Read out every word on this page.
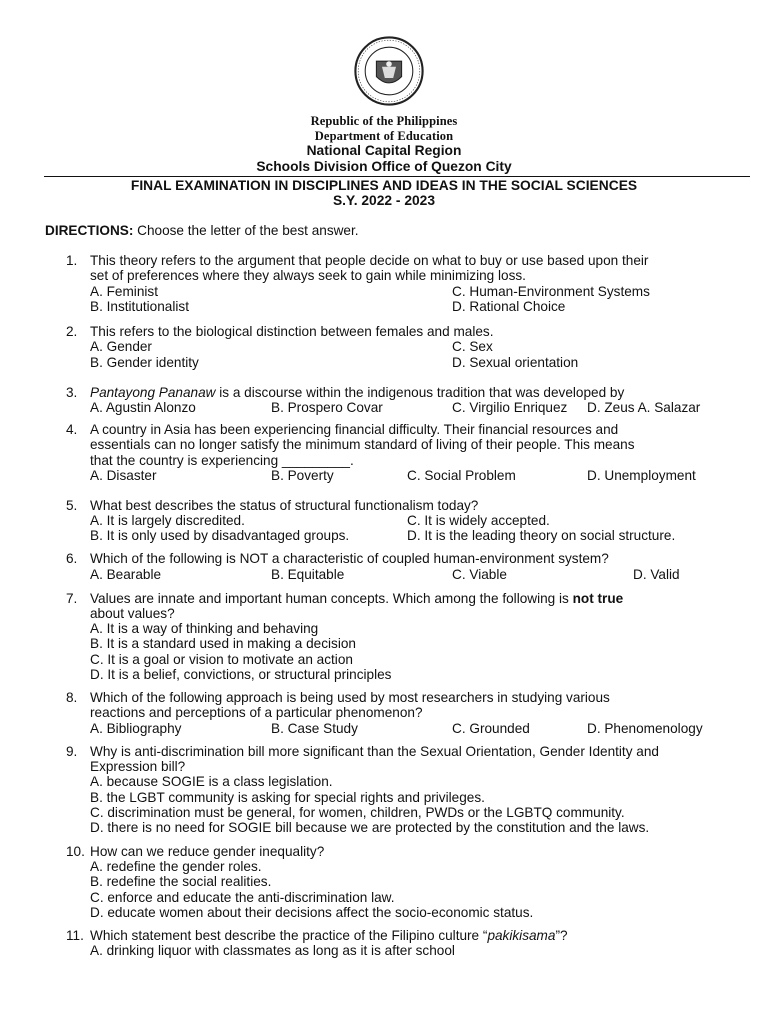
Republic of the Philippines
Department of Education
National Capital Region
Schools Division Office of Quezon City
FINAL EXAMINATION IN DISCIPLINES AND IDEAS IN THE SOCIAL SCIENCES
S.Y. 2022 - 2023
DIRECTIONS: Choose the letter of the best answer.
1. This theory refers to the argument that people decide on what to buy or use based upon their
set of preferences where they always seek to gain while minimizing loss.
A. Feminist	C. Human-Environment Systems
B. Institutionalist	D. Rational Choice
2. This refers to the biological distinction between females and males.
A. Gender	C. Sex
B. Gender identity	D. Sexual orientation
3. Pantayong Pananaw is a discourse within the indigenous tradition that was developed by
A. Agustin Alonzo	B. Prospero Covar	C. Virgilio Enriquez D. Zeus A. Salazar
4. A country in Asia has been experiencing financial difficulty. Their financial resources and
essentials can no longer satisfy the minimum standard of living of their people. This means
that the country is experiencing _________.
A. Disaster	B. Poverty	C. Social Problem	D. Unemployment
5. What best describes the status of structural functionalism today?
A. It is largely discredited.	C. It is widely accepted.
B. It is only used by disadvantaged groups.	D. It is the leading theory on social structure.
6. Which of the following is NOT a characteristic of coupled human-environment system?
A. Bearable	B. Equitable	C. Viable	D. Valid
7. Values are innate and important human concepts. Which among the following is not true
about values?
A. It is a way of thinking and behaving
B. It is a standard used in making a decision
C. It is a goal or vision to motivate an action
D. It is a belief, convictions, or structural principles
8. Which of the following approach is being used by most researchers in studying various
reactions and perceptions of a particular phenomenon?
A. Bibliography	B. Case Study	C. Grounded	D. Phenomenology
9. Why is anti-discrimination bill more significant than the Sexual Orientation, Gender Identity and
Expression bill?
A. because SOGIE is a class legislation.
B. the LGBT community is asking for special rights and privileges.
C. discrimination must be general, for women, children, PWDs or the LGBTQ community.
D. there is no need for SOGIE bill because we are protected by the constitution and the laws.
10. How can we reduce gender inequality?
A. redefine the gender roles.
B. redefine the social realities.
C. enforce and educate the anti-discrimination law.
D. educate women about their decisions affect the socio-economic status.
11. Which statement best describe the practice of the Filipino culture “pakikisama”?
A. drinking liquor with classmates as long as it is after school
